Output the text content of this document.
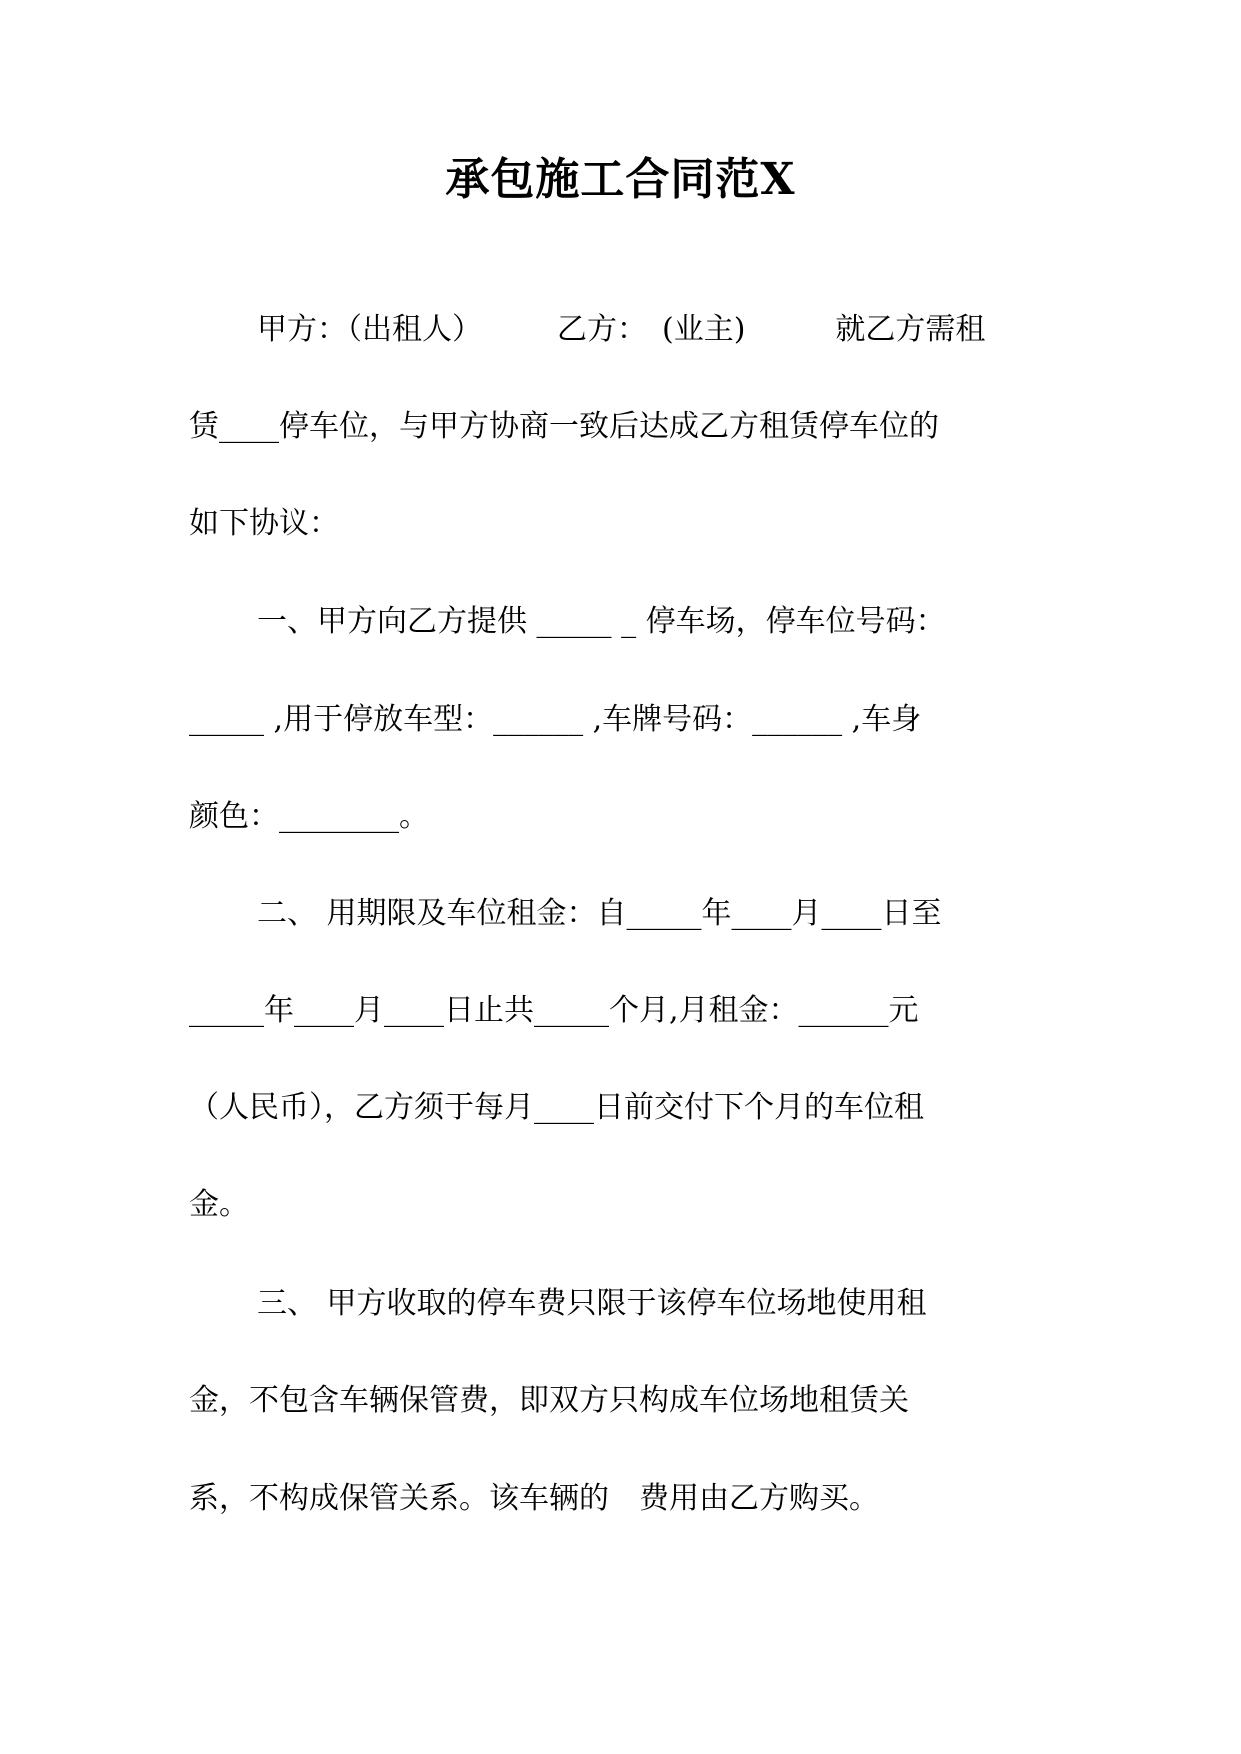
承包施工合同范X
甲方：（出租人）　　　乙方：　(业主)　　　就乙方需租
赁____停车位，与甲方协商一致后达成乙方租赁停车位的
如下协议：
一、甲方向乙方提供 _____ _ 停车场，停车位号码：
_____ ,用于停放车型：______ ,车牌号码：______ ,车身
颜色：________。
二、 用期限及车位租金：自_____年____月____日至
_____年____月____日止共_____个月,月租金：______元
（人民币），乙方须于每月____日前交付下个月的车位租
金。
三、 甲方收取的停车费只限于该停车位场地使用租
金，不包含车辆保管费，即双方只构成车位场地租赁关
系，不构成保管关系。该车辆的　费用由乙方购买。
